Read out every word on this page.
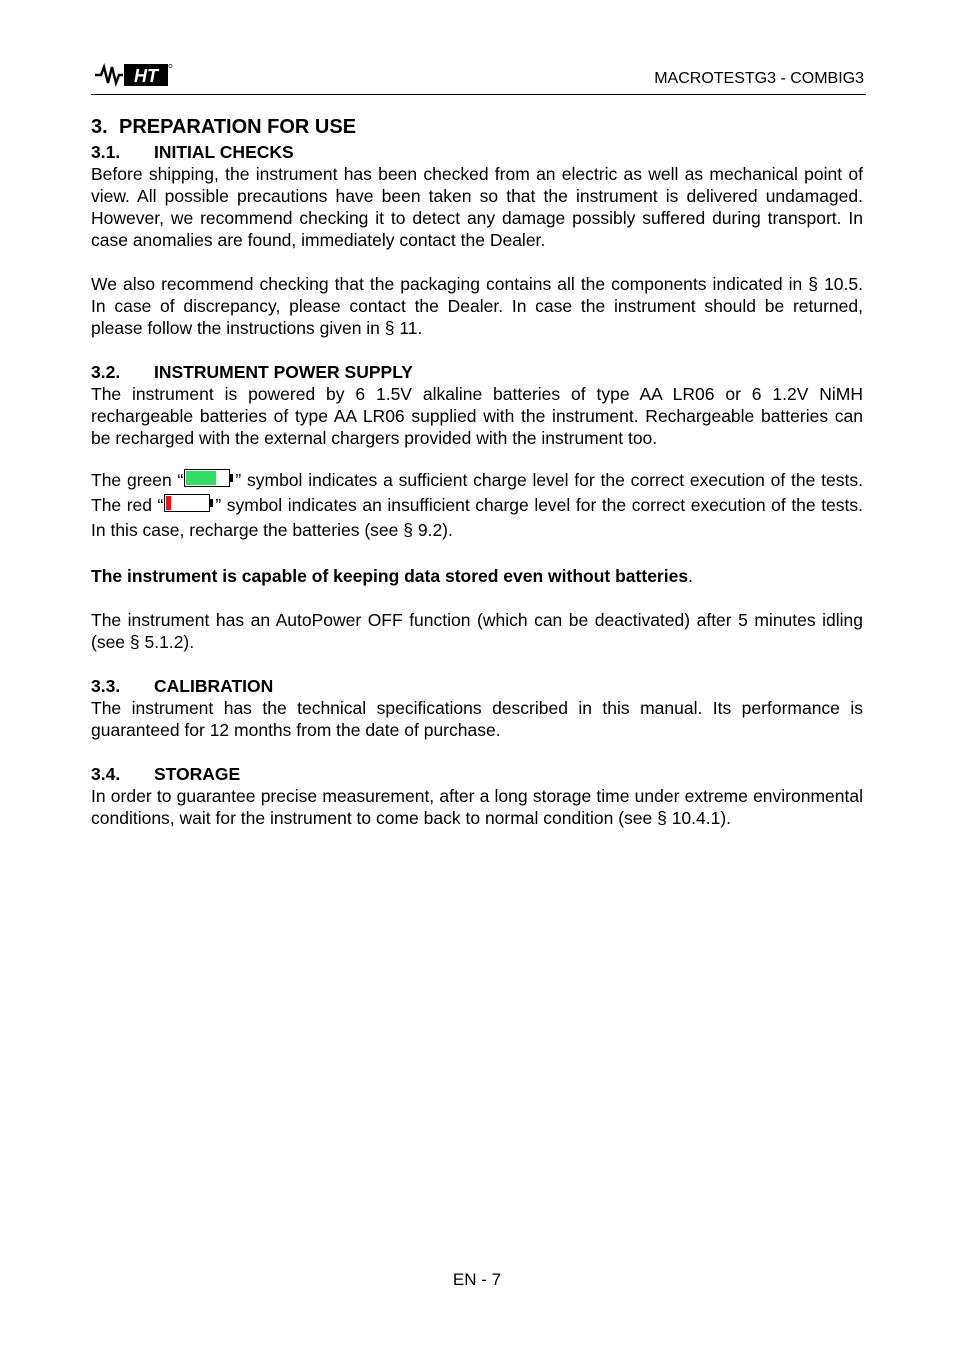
HT	MACROTESTG3 - COMBIG3
3. PREPARATION FOR USE
3.1. INITIAL CHECKS

Before shipping, the instrument has been checked from an electric as well as mechanical point of view. All possible precautions have been taken so that the instrument is delivered undamaged. However, we recommend checking it to detect any damage possibly suffered during transport. In case anomalies are found, immediately contact the Dealer.

We also recommend checking that the packaging contains all the components indicated in § 10.5. In case of discrepancy, please contact the Dealer. In case the instrument should be returned, please follow the instructions given in § 11.

3.2. INSTRUMENT POWER SUPPLY

The instrument is powered by 6 1.5V alkaline batteries of type AA LR06 or 6 1.2V NiMH rechargeable batteries of type AA LR06 supplied with the instrument. Rechargeable batteries can be recharged with the external chargers provided with the instrument too.

The green “	” symbol indicates a sufficient charge level for the correct execution of the tests. The red “	” symbol indicates an insufficient charge level for the correct execution of the tests. In this case, recharge the batteries (see § 9.2).

The instrument is capable of keeping data stored even without batteries.

The instrument has an AutoPower OFF function (which can be deactivated) after 5 minutes idling (see § 5.1.2).

3.3. CALIBRATION

The instrument has the technical specifications described in this manual. Its performance is guaranteed for 12 months from the date of purchase.

3.4. STORAGE

In order to guarantee precise measurement, after a long storage time under extreme environmental conditions, wait for the instrument to come back to normal condition (see § 10.4.1).

EN - 7
